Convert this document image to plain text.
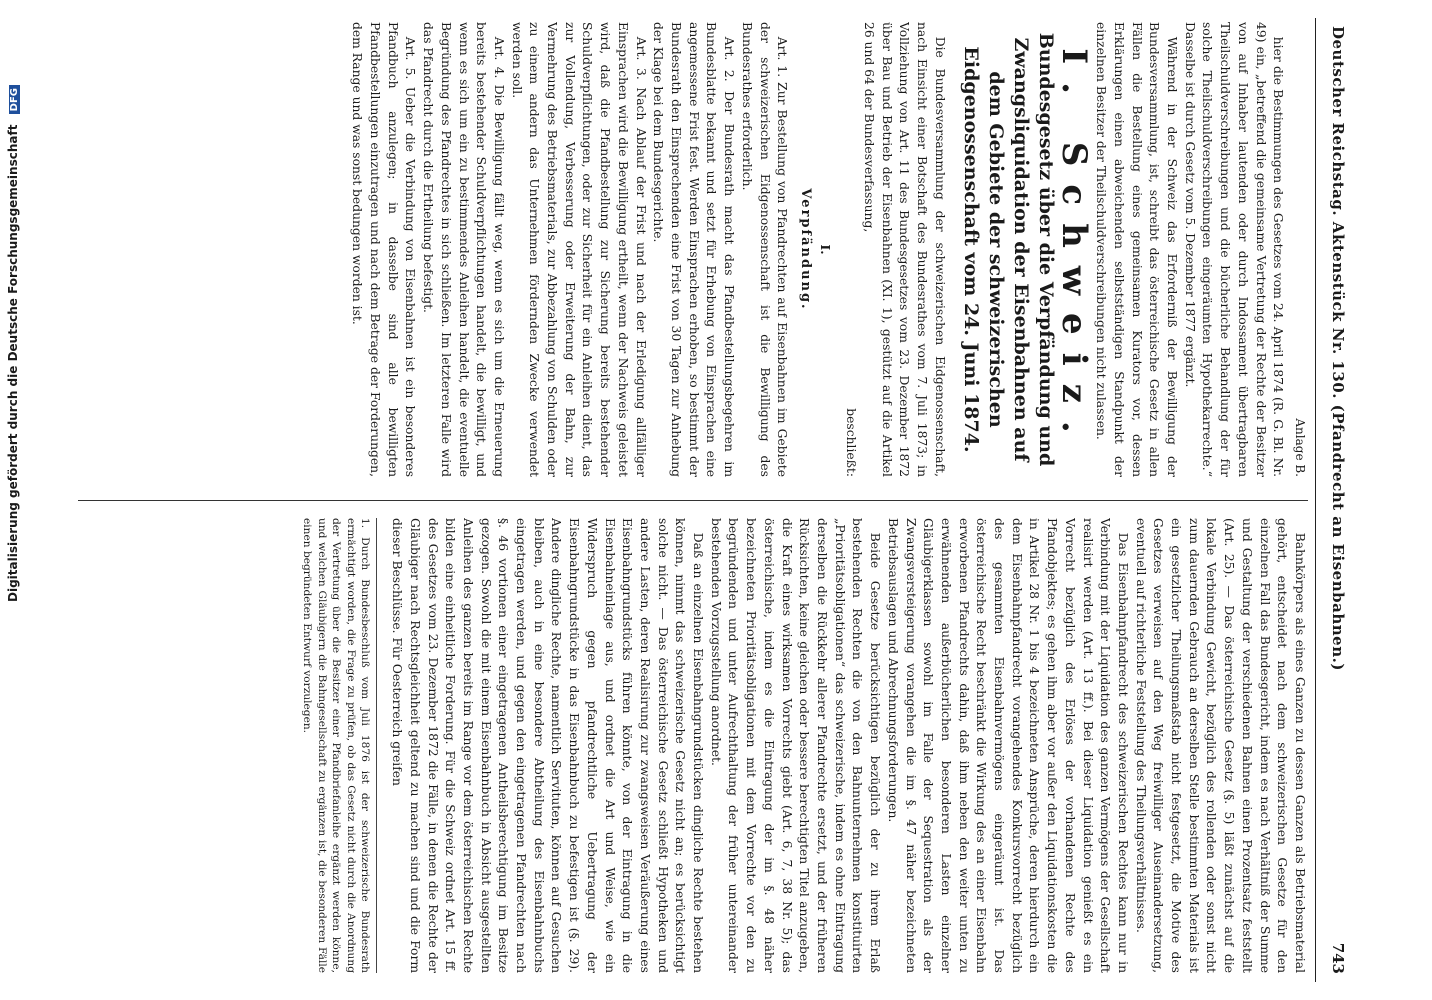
Deutscher Reichstag. Aktenstück Nr. 130. (Pfandrecht an Eisenbahnen.)
743
Anlage B.

hier die Bestimmungen des Gesetzes vom 24. April 1874 (R. G. Bl. Nr. 49) ein, „betreffend die gemeinsame Vertretung der Rechte der Besitzer von auf Inhaber lautenden oder durch Indossament übertragbaren Theilschuldverschreibungen und die bücherliche Behandlung der für solche Theilschuldverschreibungen eingeräumten Hypothekarrechte.“ Dasselbe ist durch Gesetz vom 5. Dezember 1877 ergänzt.

Während in der Schweiz das Erforderniß der Bewilligung der Bundesversammlung, ist, schreibt das österreichische Gesetz in allen Fällen die Bestellung eines gemeinsamen Kurators vor, dessen Erklärungen einen abweichenden selbstständigen Standpunkt der einzelnen Besitzer der Theilschuldverschreibungen nicht zulassen.

I. Schweiz.
Bundesgesetz über die Verpfändung und Zwangsliquidation der Eisenbahnen auf dem Gebiete der schweizerischen Eidgenossenschaft vom 24. Juni 1874.

Die Bundesversammlung der schweizerischen Eidgenossenschaft, nach Einsicht einer Botschaft des Bundesrathes vom 7. Juli 1873; in Vollziehung von Art. 11 des Bundesgesetzes vom 23. Dezember 1872 über Bau und Betrieb der Eisenbahnen (XI. 1), gestützt auf die Artikel 26 und 64 der Bundesverfassung,

beschließt:

I.
Verpfändung.

Art. 1. Zur Bestellung von Pfandrechten auf Eisenbahnen im Gebiete der schweizerischen Eidgenossenschaft ist die Bewilligung des Bundesrathes erforderlich.

Art. 2. Der Bundesrath macht das Pfandbestellungsbegehren im Bundesblatte bekannt und setzt für Erhebung von Einsprachen eine angemessene Frist fest. Werden Einsprachen erhoben, so bestimmt der Bundesrath den Einsprechenden eine Frist von 30 Tagen zur Anhebung der Klage bei dem Bundesgerichte.

Art. 3. Nach Ablauf der Frist und nach der Erledigung allfälliger Einsprachen wird die Bewilligung ertheilt, wenn der Nachweis geleistet wird, daß die Pfandbestellung zur Sicherung bereits bestehender Schuldverpflichtungen, oder zur Sicherheit für ein Anleihen dient, das zur Vollendung, Verbesserung oder Erweiterung der Bahn, zur Vermehrung des Betriebsmaterials, zur Abbezahlung von Schulden oder zu einem andern das Unternehmen fördernden Zwecke verwendet werden soll.

Art. 4. Die Bewilligung fällt weg, wenn es sich um die Erneuerung bereits bestehender Schuldverpflichtungen handelt, die bewilligt, und wenn es sich um ein zu bestimmendes Anleihen handelt, die eventuelle Begründung des Pfandrechtes in sich schließen. Im letzteren Falle wird das Pfandrecht durch die Ertheilung befestigt.

Art. 5. Ueber die Verbindung von Eisenbahnen ist ein besonderes Pfandbuch anzulegen; in dasselbe sind alle bewilligten Pfandbestellungen einzutragen und nach dem Betrage der Forderungen, dem Range und was sonst bedungen worden ist.

Bahnkörpers als eines Ganzen zu dessen Ganzen als Betriebsmaterial gehört, entscheidet nach dem schweizerischen Gesetze für den einzelnen Fall das Bundesgericht, indem es nach Verhältniß der Summe und Gestaltung der verschiedenen Bahnen einen Prozentsatz feststellt (Art. 25). — Das österreichische Gesetz (§. 5) läßt zunächst auf die lokale Verbindung Gewicht, bezüglich des rollenden oder sonst nicht zum dauernden Gebrauch an derselben Stelle bestimmten Materials ist ein gesetzlicher Theilungsmaßstab nicht festgesetzt, die Motive des Gesetzes verweisen auf den Weg freiwilliger Auseinandersetzung, eventuell auf richterliche Feststellung des Theilungsverhältnisses.

Das Eisenbahnpfandrecht des schweizerischen Rechtes kann nur in Verbindung mit der Liquidation des ganzen Vermögens der Gesellschaft realisirt werden (Art. 13 ff.). Bei dieser Liquidation genießt es ein Vorrecht bezüglich des Erlöses der vorhandenen Rechte des Pfandobjektes; es gehen ihm aber vor außer den Liquidationskosten die in Artikel 28 Nr. 1 bis 4 bezeichneten Ansprüche, deren hierdurch ein dem Eisenbahnpfandrecht vorangehendes Konkursvorrecht bezüglich des gesammten Eisenbahnvermögens eingeräumt ist. Das österreichische Recht beschränkt die Wirkung des an einer Eisenbahn erworbenen Pfandrechts dahin, daß ihm neben den weiter unten zu erwähnenden außerbücherlichen besonderen Lasten einzelner Gläubigerklassen sowohl im Falle der Sequestration als der Zwangsversteigerung vorangehen die im §. 47 näher bezeichneten Betriebsauslagen und Abrechnungsforderungen.

Beide Gesetze berücksichtigen bezüglich der zu ihrem Erlaß bestehenden Rechten die von den Bahnunternehmen konstituirten „Prioritätsobligationen“ das schweizerische, indem es ohne Eintragung derselben die Rückkehr allerer Pfandrechte ersetzt, und der früheren Rücksichten, keine gleichen oder bessere berechtigten Titel anzugeben, die Kraft eines wirksamen Vorrechts giebt (Art. 6, 7, 38 Nr. 5); das österreichische, indem es die Eintragung der im §. 48 näher bezeichneten Prioritätsobligationen mit dem Vorrechte vor den zu begründenden und unter Aufrechthaltung der früher untereinander bestehenden Vorzugsstellung anordnet.

Daß an einzelnen Eisenbahngrundstücken dingliche Rechte bestehen können, nimmt das schweizerische Gesetz nicht an; es berücksichtigt solche nicht. — Das österreichische Gesetz schließt Hypotheken und andere Lasten, deren Realisirung zur zwangsweisen Veräußerung eines Eisenbahngrundstücks führen könnte, von der Eintragung in die Eisenbahneinlage aus, und ordnet die Art und Weise, wie ein Widerspruch gegen pfandrechtliche Uebertragung der Eisenbahngrundstücke in das Eisenbahnbuch zu befestigen ist (§. 29). Andere dingliche Rechte, namentlich Servituten, können auf Gesuchen bleiben, auch in eine besondere Abtheilung des Eisenbahnbuchs eingetragen werden, und gegen den eingetragenen Pfandrechten nach §. 46 vortionen einer eingetragenen Antheilsberechtigung im Besitze gezogen. Sowohl die mit einem Eisenbahnbuch in Absicht ausgestellten Anleihen des ganzen bereits im Range vor dem österreichischen Rechte bilden eine einheitliche Forderung. Für die Schweiz ordnet Art. 15 ff. des Gesetzes vom 23. Dezember 1872 die Fälle, in denen die Rechte der Gläubiger nach Rechtsgleichheit geltend zu machen sind und die Form dieser Beschlüsse. Für Oesterreich greifen

1. Durch Bundesbeschluß vom Juli 1876 ist der schweizerische Bundesrath ermächtigt worden, die Frage zu prüfen, ob das Gesetz nicht durch die Anordnung der Vertretung über die Besitzer einer Pfandbriefanleihe ergänzt werden könne, und welchen Gläubigern die Bahngesellschaft zu ergänzen ist, die besonderen Fälle einen begründeten Entwurf vorzulegen.
Digitalisierung gefördert durch die Deutsche Forschungsgemeinschaft DFG
